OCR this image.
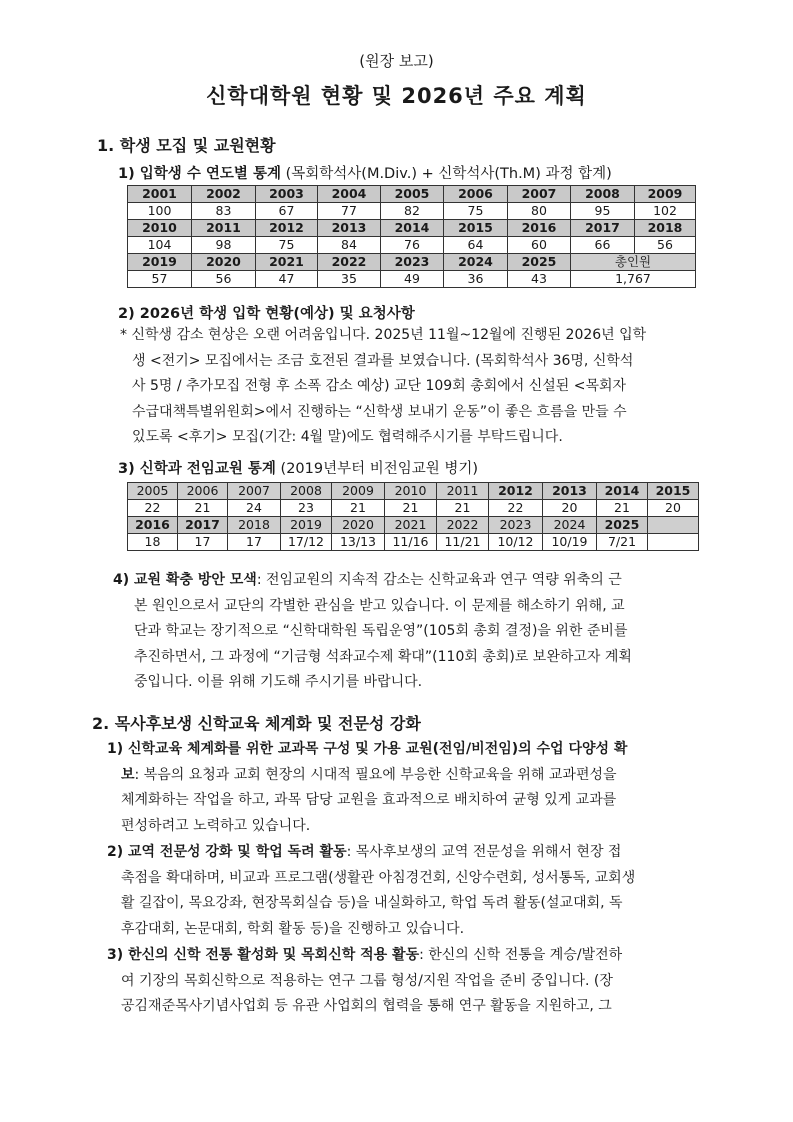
(원장 보고)
신학대학원 현황 및 2026년 주요 계획
1. 학생 모집 및 교원현황
1) 입학생 수 연도별 통계 (목회학석사(M.Div.) + 신학석사(Th.M) 과정 합계)
2001	2002	2003	2004	2005	2006	2007	2008	2009
100	83	67	77	82	75	80	95	102
2010	2011	2012	2013	2014	2015	2016	2017	2018
104	98	75	84	76	64	60	66	56
2019	2020	2021	2022	2023	2024	2025	총인원	
57	56	47	35	49	36	43	1,767	
2) 2026년 학생 입학 현황(예상) 및 요청사항
* 신학생 감소 현상은 오랜 어려움입니다. 2025년 11월~12월에 진행된 2026년 입학
생 <전기> 모집에서는 조금 호전된 결과를 보였습니다. (목회학석사 36명, 신학석
사 5명 / 추가모집 전형 후 소폭 감소 예상) 교단 109회 총회에서 신설된 <목회자
수급대책특별위원회>에서 진행하는 “신학생 보내기 운동”이 좋은 흐름을 만들 수
있도록 <후기> 모집(기간: 4월 말)에도 협력해주시기를 부탁드립니다.
3) 신학과 전임교원 통계 (2019년부터 비전임교원 병기)
2005	2006	2007	2008	2009	2010	2011	2012	2013	2014	2015
22	21	24	23	21	21	21	22	20	21	20
2016	2017	2018	2019	2020	2021	2022	2023	2024	2025	
18	17	17	17/12	13/13	11/16	11/21	10/12	10/19	7/21	
4) 교원 확충 방안 모색: 전임교원의 지속적 감소는 신학교육과 연구 역량 위축의 근
본 원인으로서 교단의 각별한 관심을 받고 있습니다. 이 문제를 해소하기 위해, 교
단과 학교는 장기적으로 “신학대학원 독립운영”(105회 총회 결정)을 위한 준비를
추진하면서, 그 과정에 “기금형 석좌교수제 확대”(110회 총회)로 보완하고자 계획
중입니다. 이를 위해 기도해 주시기를 바랍니다.
2. 목사후보생 신학교육 체계화 및 전문성 강화
1) 신학교육 체계화를 위한 교과목 구성 및 가용 교원(전임/비전임)의 수업 다양성 확
보: 복음의 요청과 교회 현장의 시대적 필요에 부응한 신학교육을 위해 교과편성을
체계화하는 작업을 하고, 과목 담당 교원을 효과적으로 배치하여 균형 있게 교과를
편성하려고 노력하고 있습니다.
2) 교역 전문성 강화 및 학업 독려 활동: 목사후보생의 교역 전문성을 위해서 현장 접
촉점을 확대하며, 비교과 프로그램(생활관 아침경건회, 신앙수련회, 성서통독, 교회생
활 길잡이, 목요강좌, 현장목회실습 등)을 내실화하고, 학업 독려 활동(설교대회, 독
후감대회, 논문대회, 학회 활동 등)을 진행하고 있습니다.
3) 한신의 신학 전통 활성화 및 목회신학 적용 활동: 한신의 신학 전통을 계승/발전하
여 기장의 목회신학으로 적용하는 연구 그룹 형성/지원 작업을 준비 중입니다. (장
공김재준목사기념사업회 등 유관 사업회의 협력을 통해 연구 활동을 지원하고, 그
